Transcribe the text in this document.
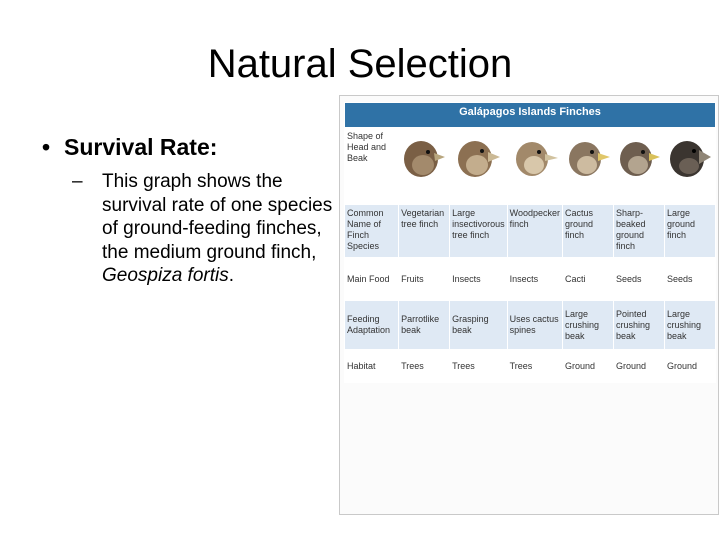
Natural Selection
• Survival Rate:
– This graph shows the survival rate of one species of ground-feeding finches, the medium ground finch, Geospiza fortis.
Galápagos Islands Finches						
Shape of Head and Beak	

Common Name of Finch Species	Vegetarian tree finch	Large insectivorous tree finch	Woodpecker finch	Cactus ground finch	Sharp-beaked ground finch	Large ground finch
Main Food	Fruits	Insects	Insects	Cacti	Seeds	Seeds
Feeding Adaptation	Parrotlike beak	Grasping beak	Uses cactus spines	Large crushing beak	Pointed crushing beak	Large crushing beak
Habitat	Trees	Trees	Trees	Ground	Ground	Ground
